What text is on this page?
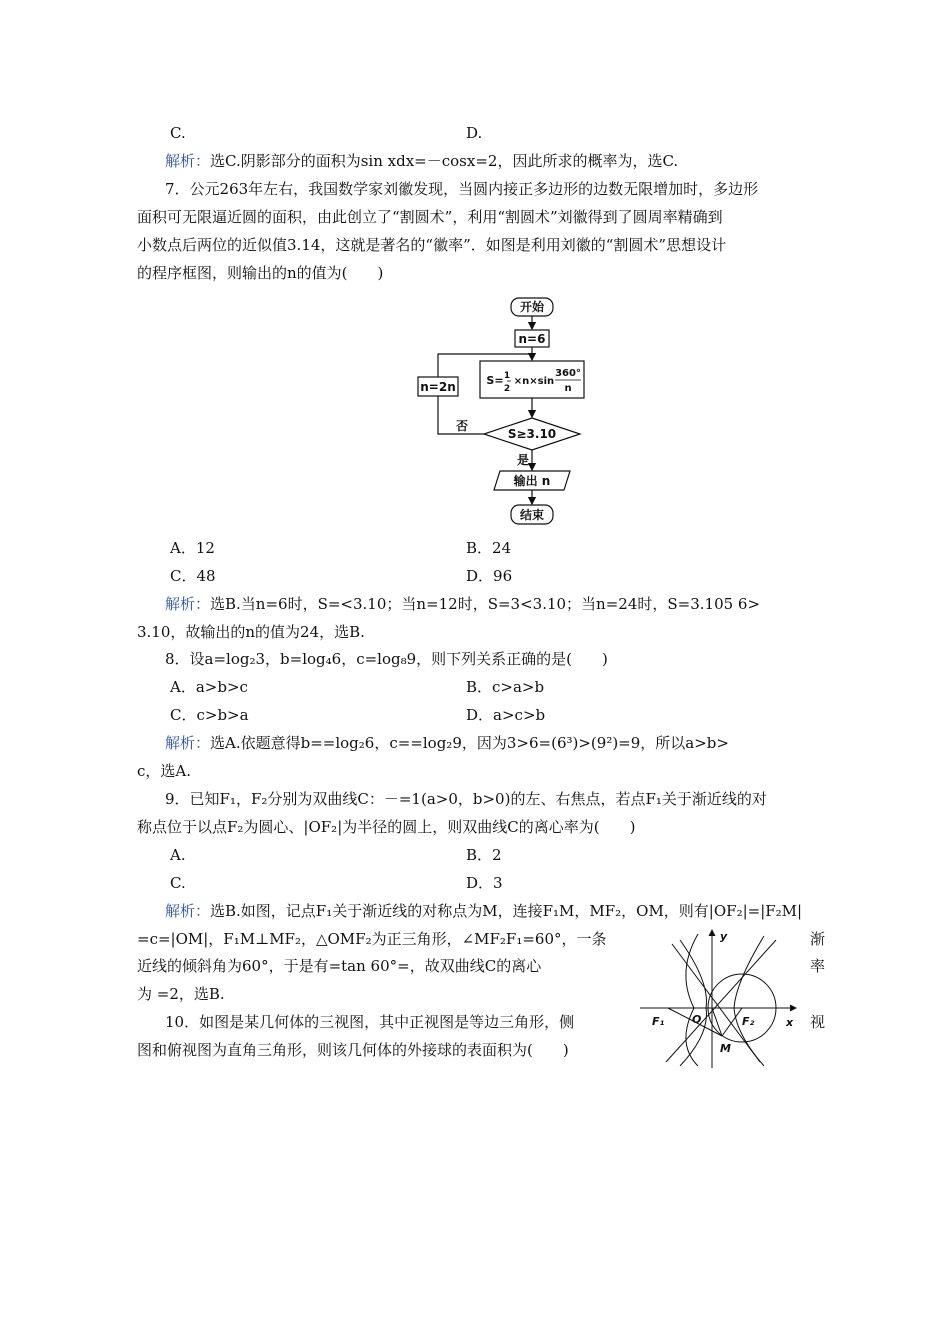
C.	D.
解析：选C.阴影部分的面积为sin xdx=－cosx=2，因此所求的概率为，选C.
7．公元263年左右，我国数学家刘徽发现，当圆内接正多边形的边数无限增加时，多边形
面积可无限逼近圆的面积，由此创立了“割圆术”，利用“割圆术”刘徽得到了圆周率精确到
小数点后两位的近似值3.14，这就是著名的“徽率”．如图是利用刘徽的“割圆术”思想设计
的程序框图，则输出的n的值为(　　)
开始
n=6
S= 1
2
×n×sin
360°
n
n=2n
否
S≥3.10
是
输出 n
结束
A．12	B．24
C．48	D．96
解析：选B.当n=6时，S=<3.10；当n=12时，S=3<3.10；当n=24时，S=3.105 6>
3.10，故输出的n的值为24，选B.
8．设a=log₂3，b=log₄6，c=log₈9，则下列关系正确的是(　　)
A．a>b>c	B．c>a>b
C．c>b>a	D．a>c>b
解析：选A.依题意得b==log₂6，c==log₂9，因为3>6=(6³)>(9²)=9，所以a>b>
c，选A.
9．已知F₁，F₂分别为双曲线C：－=1(a>0，b>0)的左、右焦点，若点F₁关于渐近线的对
称点位于以点F₂为圆心、|OF₂|为半径的圆上，则双曲线C的离心率为(　　)
A.	B．2
C.	D．3
解析：选B.如图，记点F₁关于渐近线的对称点为M，连接F₁M，MF₂，OM，则有|OF₂|=|F₂M|
=c=|OM|，F₁M⊥MF₂，△OMF₂为正三角形，∠MF₂F₁=60°，一条	渐
近线的倾斜角为60°，于是有=tan 60°=，故双曲线C的离心	率
为 =2，选B.
y
x
F₁	O	F₂
M
10．如图是某几何体的三视图，其中正视图是等边三角形，侧	视
图和俯视图为直角三角形，则该几何体的外接球的表面积为(　　)
